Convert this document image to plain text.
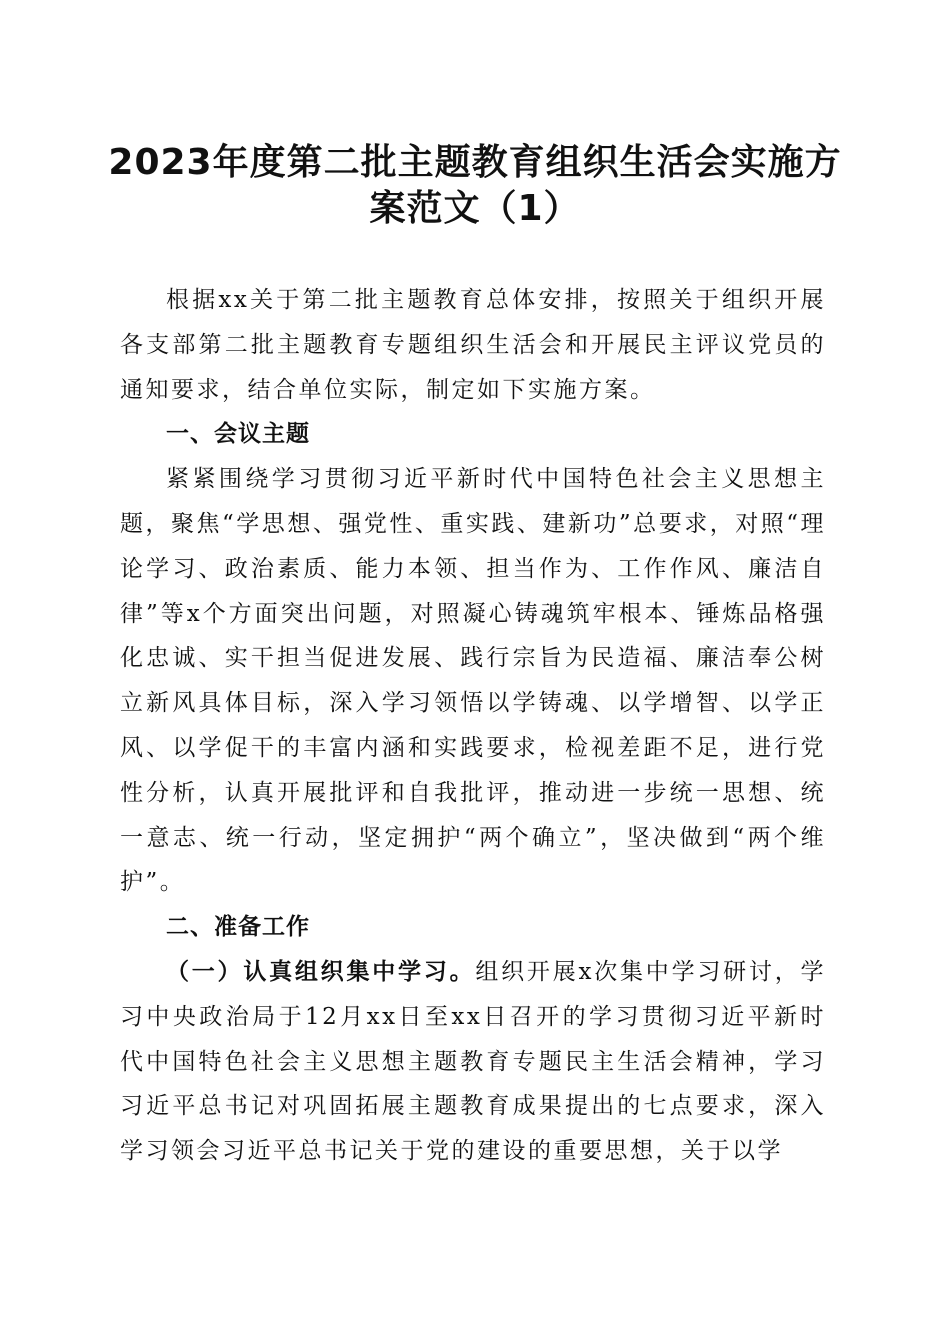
2023年度第二批主题教育组织生活会实施方
案范文（1）

根据xx关于第二批主题教育总体安排，按照关于组织开展各支部第二批主题教育专题组织生活会和开展民主评议党员的通知要求，结合单位实际，制定如下实施方案。

一、会议主题

紧紧围绕学习贯彻习近平新时代中国特色社会主义思想主题，聚焦“学思想、强党性、重实践、建新功”总要求，对照“理论学习、政治素质、能力本领、担当作为、工作作风、廉洁自律”等x个方面突出问题，对照凝心铸魂筑牢根本、锤炼品格强化忠诚、实干担当促进发展、践行宗旨为民造福、廉洁奉公树立新风具体目标，深入学习领悟以学铸魂、以学增智、以学正风、以学促干的丰富内涵和实践要求，检视差距不足，进行党性分析，认真开展批评和自我批评，推动进一步统一思想、统一意志、统一行动，坚定拥护“两个确立”，坚决做到“两个维护”。

二、准备工作

（一）认真组织集中学习。组织开展x次集中学习研讨，学习中央政治局于12月xx日至xx日召开的学习贯彻习近平新时代中国特色社会主义思想主题教育专题民主生活会精神，学习习近平总书记对巩固拓展主题教育成果提出的七点要求，深入学习领会习近平总书记关于党的建设的重要思想，关于以学
